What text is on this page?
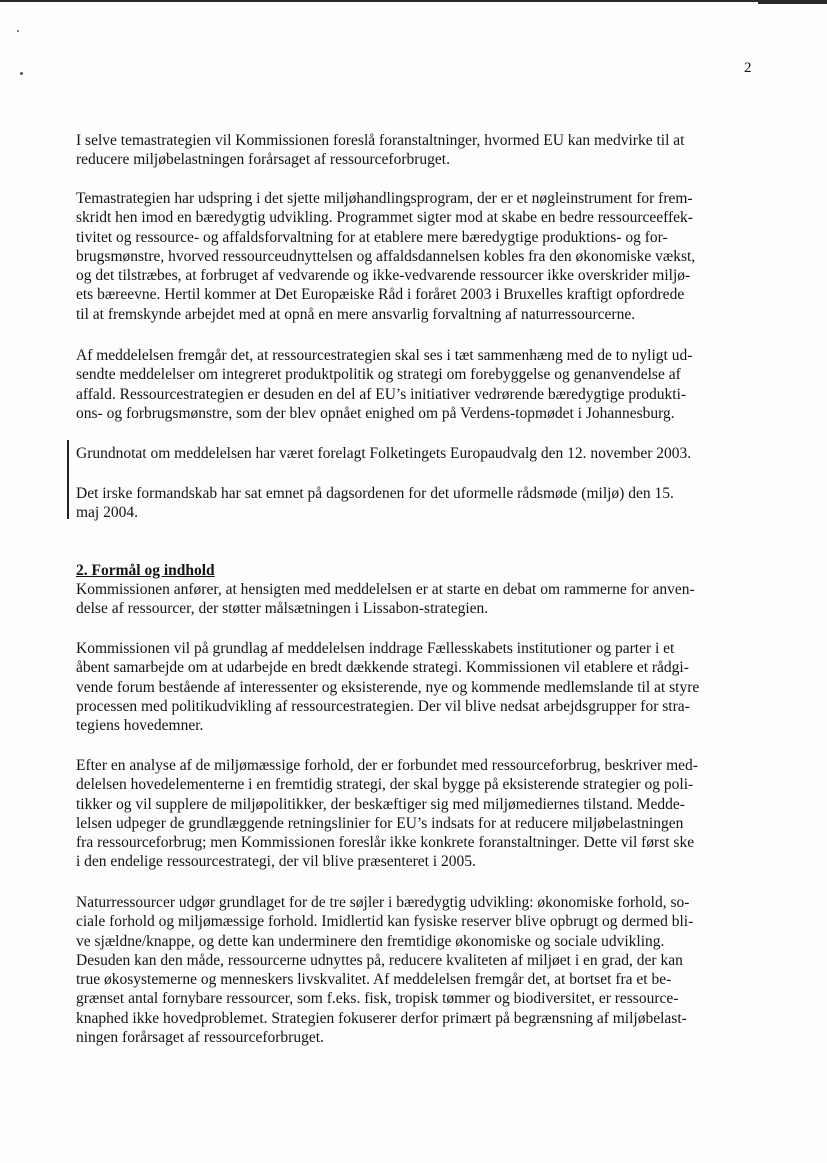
2
I selve temastrategien vil Kommissionen foreslå foranstaltninger, hvormed EU kan medvirke til at
reducere miljøbelastningen forårsaget af ressourceforbruget.
Temastrategien har udspring i det sjette miljøhandlingsprogram, der er et nøgleinstrument for frem-
skridt hen imod en bæredygtig udvikling. Programmet sigter mod at skabe en bedre ressourceeffek-
tivitet og ressource- og affaldsforvaltning for at etablere mere bæredygtige produktions- og for-
brugsmønstre, hvorved ressourceudnyttelsen og affaldsdannelsen kobles fra den økonomiske vækst,
og det tilstræbes, at forbruget af vedvarende og ikke-vedvarende ressourcer ikke overskrider miljø-
ets bæreevne. Hertil kommer at Det Europæiske Råd i foråret 2003 i Bruxelles kraftigt opfordrede
til at fremskynde arbejdet med at opnå en mere ansvarlig forvaltning af naturressourcerne.
Af meddelelsen fremgår det, at ressourcestrategien skal ses i tæt sammenhæng med de to nyligt ud-
sendte meddelelser om integreret produktpolitik og strategi om forebyggelse og genanvendelse af
affald. Ressourcestrategien er desuden en del af EU’s initiativer vedrørende bæredygtige produkti-
ons- og forbrugsmønstre, som der blev opnået enighed om på Verdens-topmødet i Johannesburg.
Grundnotat om meddelelsen har været forelagt Folketingets Europaudvalg den 12. november 2003.
Det irske formandskab har sat emnet på dagsordenen for det uformelle rådsmøde (miljø) den 15.
maj 2004.
2. Formål og indhold
Kommissionen anfører, at hensigten med meddelelsen er at starte en debat om rammerne for anven-
delse af ressourcer, der støtter målsætningen i Lissabon-strategien.
Kommissionen vil på grundlag af meddelelsen inddrage Fællesskabets institutioner og parter i et
åbent samarbejde om at udarbejde en bredt dækkende strategi. Kommissionen vil etablere et rådgi-
vende forum bestående af interessenter og eksisterende, nye og kommende medlemslande til at styre
processen med politikudvikling af ressourcestrategien. Der vil blive nedsat arbejdsgrupper for stra-
tegiens hovedemner.
Efter en analyse af de miljømæssige forhold, der er forbundet med ressourceforbrug, beskriver med-
delelsen hovedelementerne i en fremtidig strategi, der skal bygge på eksisterende strategier og poli-
tikker og vil supplere de miljøpolitikker, der beskæftiger sig med miljømediernes tilstand. Medde-
lelsen udpeger de grundlæggende retningslinier for EU’s indsats for at reducere miljøbelastningen
fra ressourceforbrug; men Kommissionen foreslår ikke konkrete foranstaltninger. Dette vil først ske
i den endelige ressourcestrategi, der vil blive præsenteret i 2005.
Naturressourcer udgør grundlaget for de tre søjler i bæredygtig udvikling: økonomiske forhold, so-
ciale forhold og miljømæssige forhold. Imidlertid kan fysiske reserver blive opbrugt og dermed bli-
ve sjældne/knappe, og dette kan underminere den fremtidige økonomiske og sociale udvikling.
Desuden kan den måde, ressourcerne udnyttes på, reducere kvaliteten af miljøet i en grad, der kan
true økosystemerne og menneskers livskvalitet. Af meddelelsen fremgår det, at bortset fra et be-
grænset antal fornybare ressourcer, som f.eks. fisk, tropisk tømmer og biodiversitet, er ressource-
knaphed ikke hovedproblemet. Strategien fokuserer derfor primært på begrænsning af miljøbelast-
ningen forårsaget af ressourceforbruget.
